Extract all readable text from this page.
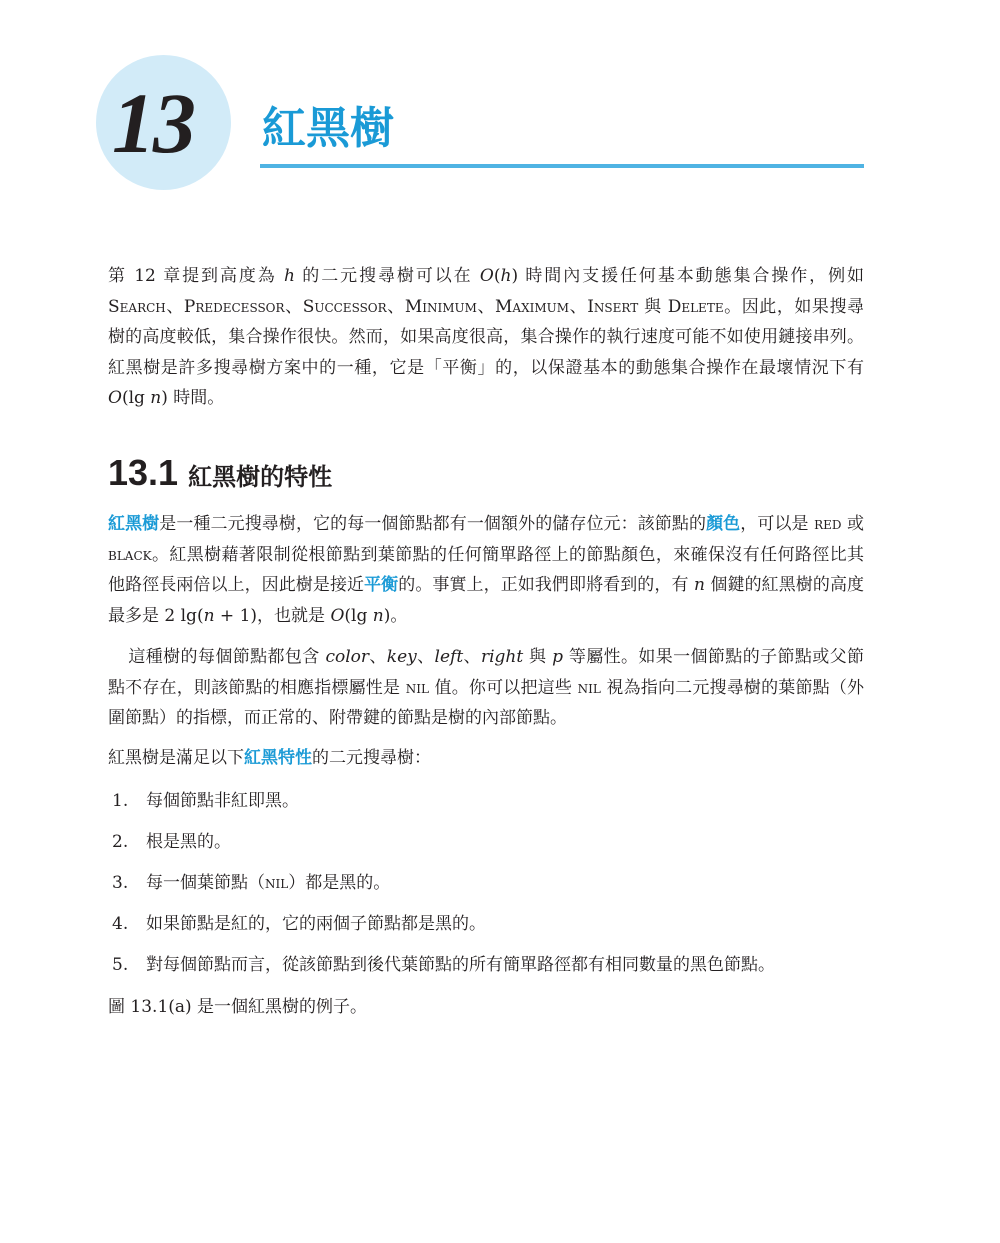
13 紅黑樹

第 12 章提到高度為 h 的二元搜尋樹可以在 O(h) 時間內支援任何基本動態集合操作，例如 Search、Predecessor、Successor、Minimum、Maximum、Insert 與 Delete。因此，如果搜尋樹的高度較低，集合操作很快。然而，如果高度很高，集合操作的執行速度可能不如使用鏈接串列。紅黑樹是許多搜尋樹方案中的一種，它是「平衡」的，以保證基本的動態集合操作在最壞情況下有 O(lg n) 時間。

13.1 紅黑樹的特性

紅黑樹是一種二元搜尋樹，它的每一個節點都有一個額外的儲存位元：該節點的顏色，可以是 red 或 black。紅黑樹藉著限制從根節點到葉節點的任何簡單路徑上的節點顏色，來確保沒有任何路徑比其他路徑長兩倍以上，因此樹是接近平衡的。事實上，正如我們即將看到的，有 n 個鍵的紅黑樹的高度最多是 2 lg(n + 1)，也就是 O(lg n)。

這種樹的每個節點都包含 color、key、left、right 與 p 等屬性。如果一個節點的子節點或父節點不存在，則該節點的相應指標屬性是 nil 值。你可以把這些 nil 視為指向二元搜尋樹的葉節點（外圍節點）的指標，而正常的、附帶鍵的節點是樹的內部節點。

紅黑樹是滿足以下紅黑特性的二元搜尋樹：

1.	每個節點非紅即黑。
2.	根是黑的。
3.	每一個葉節點（nil）都是黑的。
4.	如果節點是紅的，它的兩個子節點都是黑的。
5.	對每個節點而言，從該節點到後代葉節點的所有簡單路徑都有相同數量的黑色節點。

圖 13.1(a) 是一個紅黑樹的例子。
